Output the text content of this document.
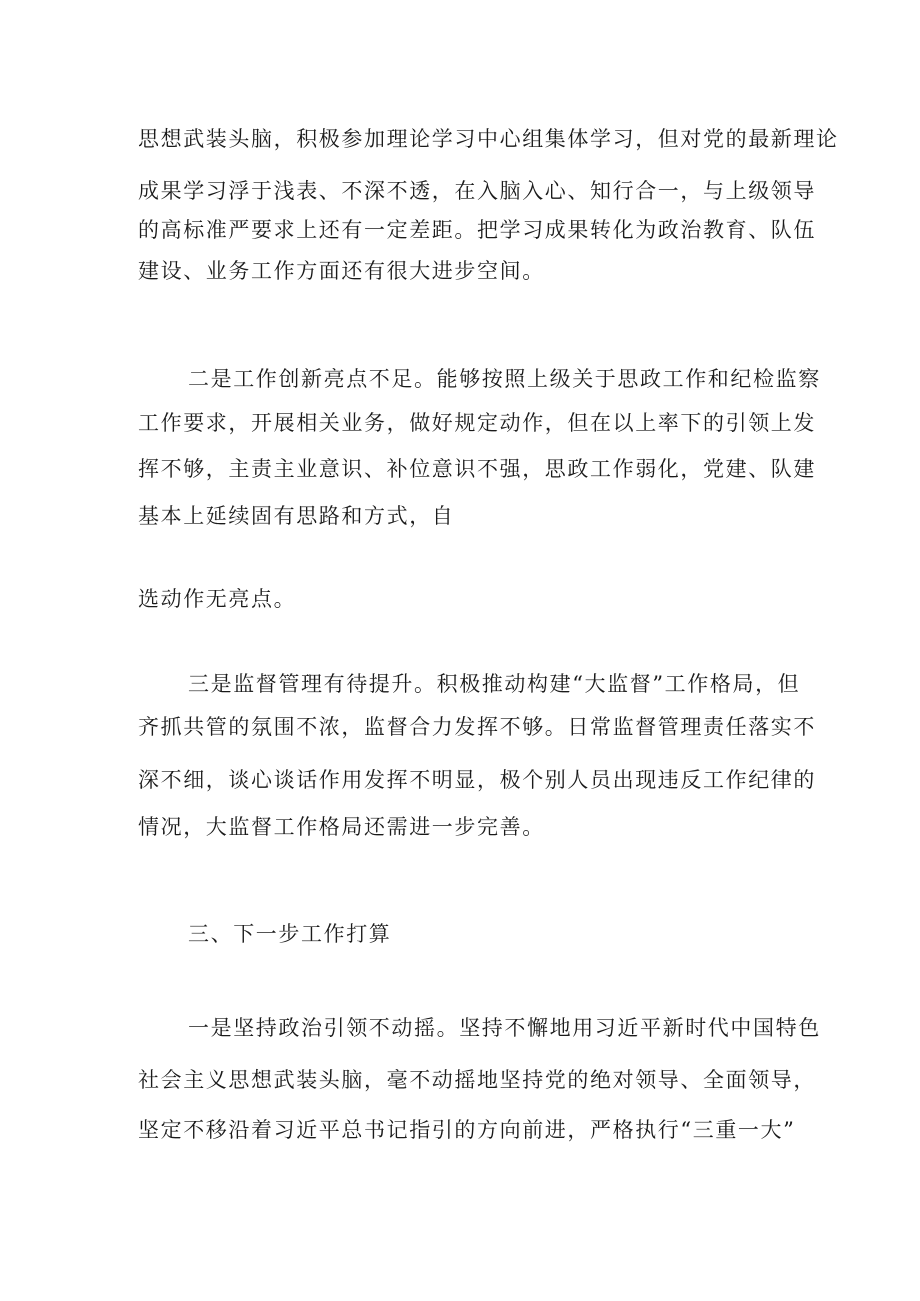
思想武装头脑，积极参加理论学习中心组集体学习，但对党的最新理论
成果学习浮于浅表、不深不透，在入脑入心、知行合一，与上级领导
的高标准严要求上还有一定差距。把学习成果转化为政治教育、队伍
建设、业务工作方面还有很大进步空间。
二是工作创新亮点不足。能够按照上级关于思政工作和纪检监察
工作要求，开展相关业务，做好规定动作，但在以上率下的引领上发
挥不够，主责主业意识、补位意识不强，思政工作弱化，党建、队建
基本上延续固有思路和方式，自
选动作无亮点。
三是监督管理有待提升。积极推动构建“大监督”工作格局，但
齐抓共管的氛围不浓，监督合力发挥不够。日常监督管理责任落实不
深不细，谈心谈话作用发挥不明显，极个别人员出现违反工作纪律的
情况，大监督工作格局还需进一步完善。
三、下一步工作打算
一是坚持政治引领不动摇。坚持不懈地用习近平新时代中国特色
社会主义思想武装头脑，毫不动摇地坚持党的绝对领导、全面领导，
坚定不移沿着习近平总书记指引的方向前进，严格执行“三重一大”
